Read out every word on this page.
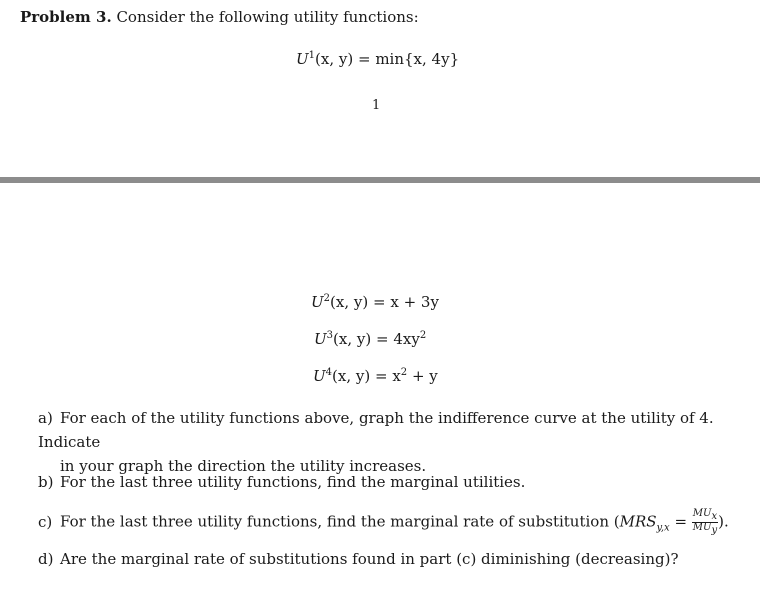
Problem 3. Consider the following utility functions:
$U^1(x$, y) = min{x, 4y}
1
$U^2(x$, y) = x + 3y
$U^3(x$, $y) = 4xy^2$
$U^4(x$, $y) = x^2 + y$
a) For each of the utility functions above, graph the indifference curve at the utility of 4. Indicate
in your graph the direction the utility increases.
b) For the last three utility functions, find the marginal utilities.
c) For the last three utility functions, find the marginal rate of substitution ($MRS_{y,x} = \frac{MU_x}{MU_y}$ ).
d) Are the marginal rate of substitutions found in part (c) diminishing (decreasing)?
